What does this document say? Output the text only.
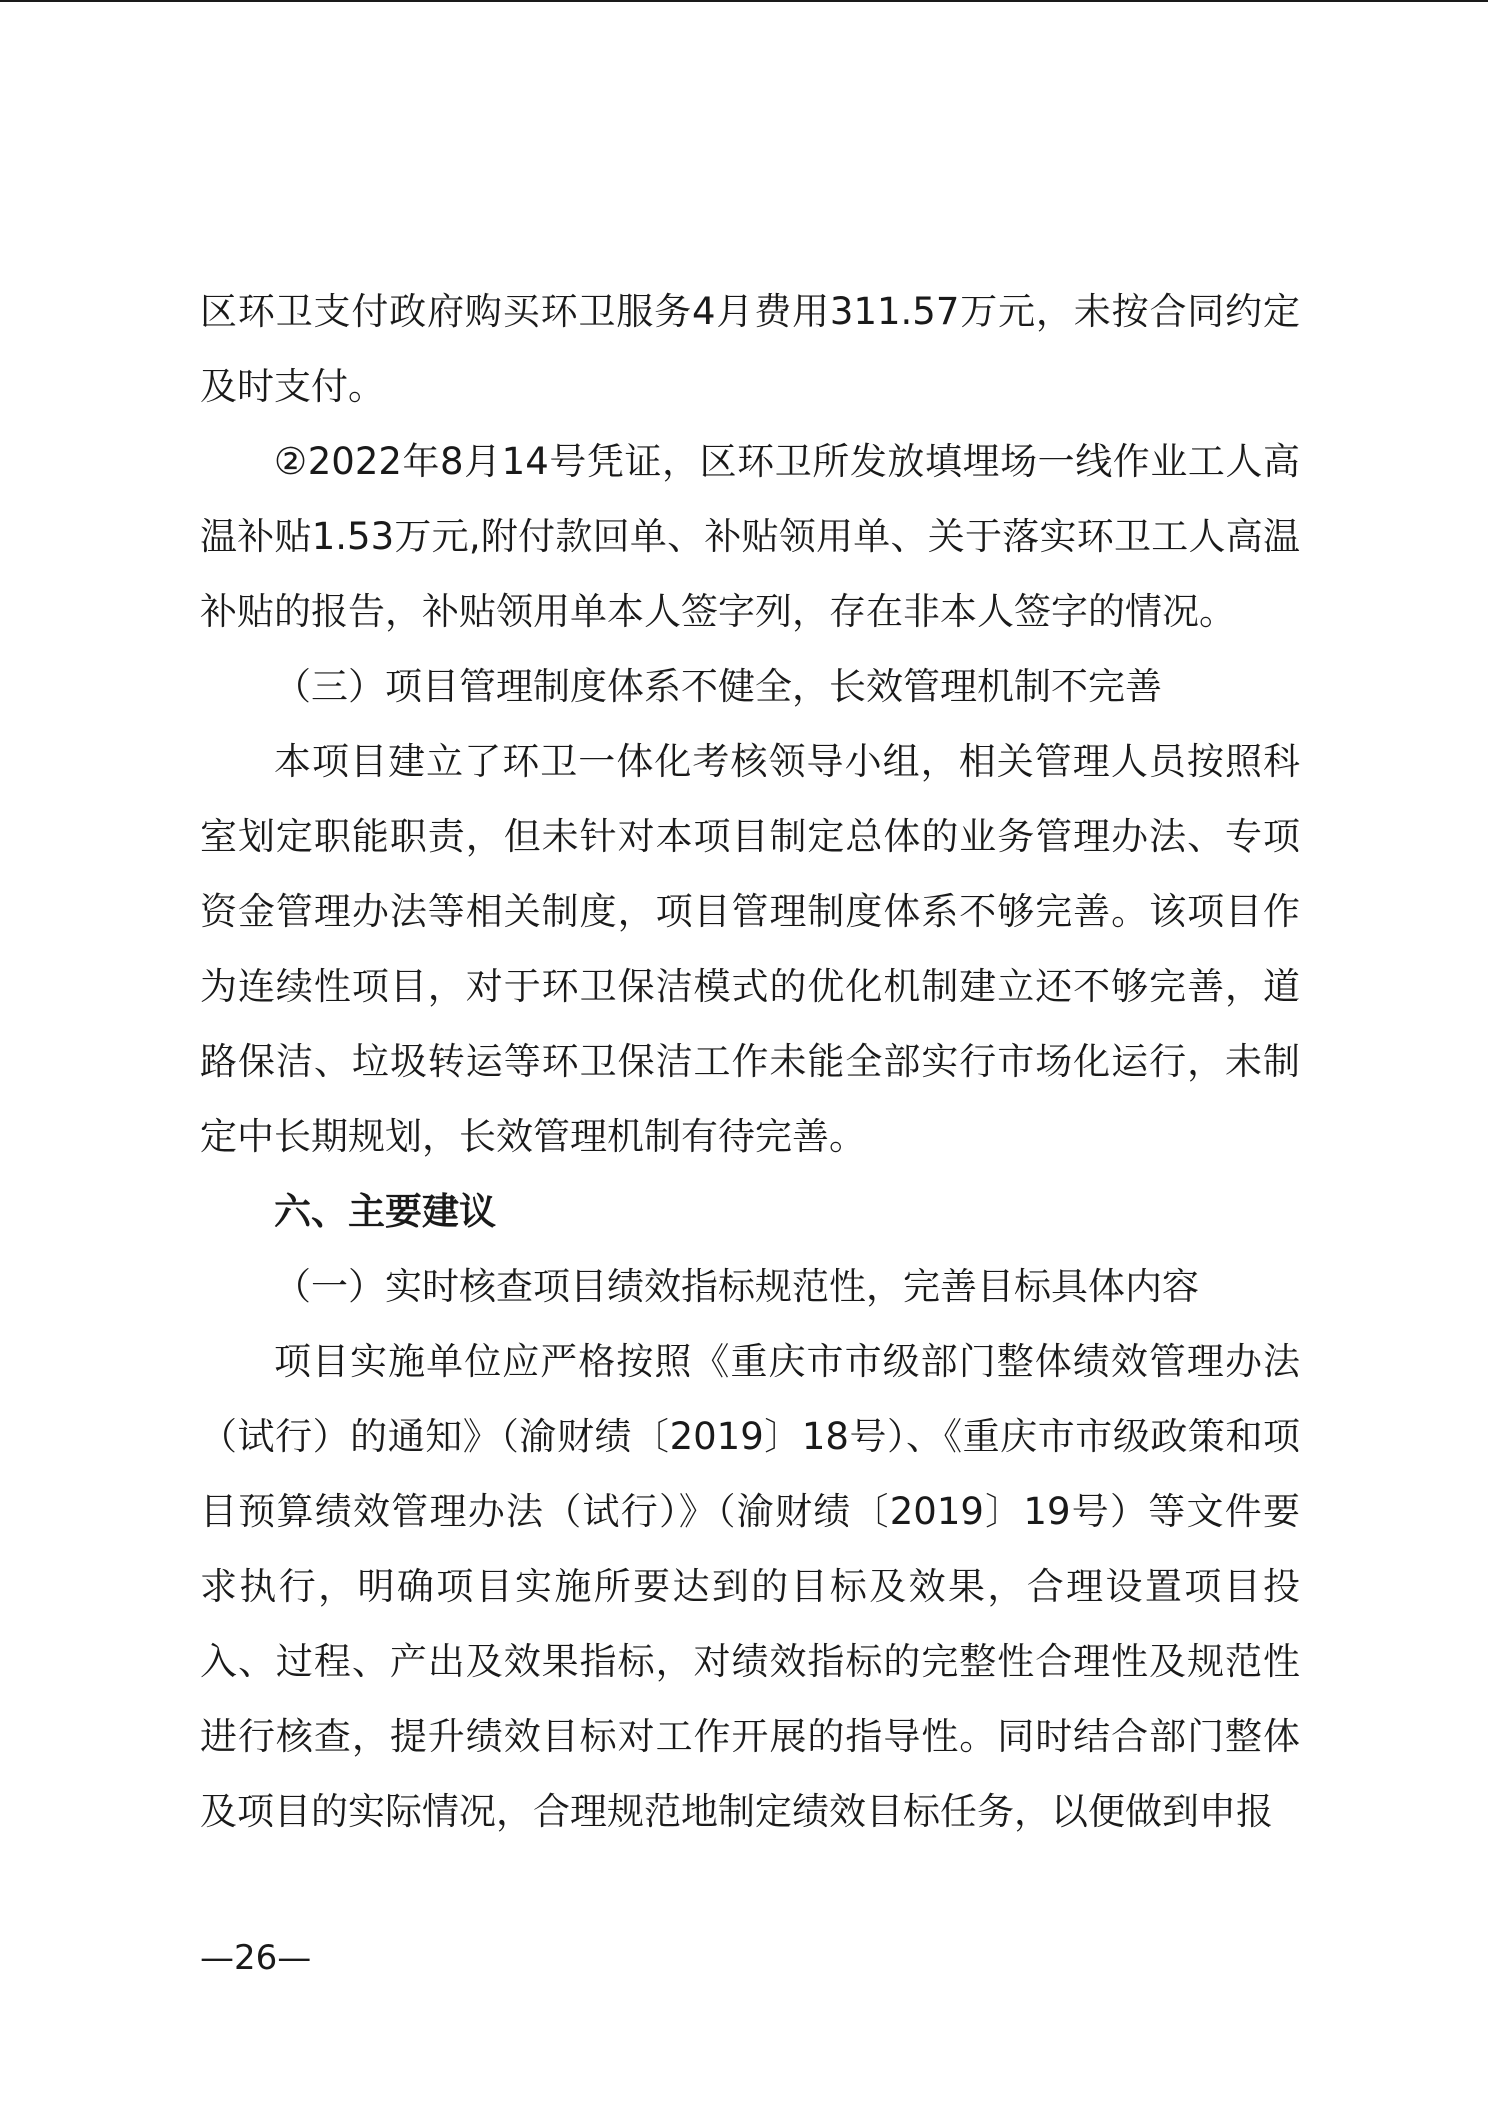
区环卫支付政府购买环卫服务4月费用311.57万元，未按合同约定及时支付。

②2022年8月14号凭证，区环卫所发放填埋场一线作业工人高温补贴1.53万元,附付款回单、补贴领用单、关于落实环卫工人高温补贴的报告，补贴领用单本人签字列，存在非本人签字的情况。

（三）项目管理制度体系不健全，长效管理机制不完善

本项目建立了环卫一体化考核领导小组，相关管理人员按照科室划定职能职责，但未针对本项目制定总体的业务管理办法、专项资金管理办法等相关制度，项目管理制度体系不够完善。该项目作为连续性项目，对于环卫保洁模式的优化机制建立还不够完善，道路保洁、垃圾转运等环卫保洁工作未能全部实行市场化运行，未制定中长期规划，长效管理机制有待完善。

六、主要建议

（一）实时核查项目绩效指标规范性，完善目标具体内容

项目实施单位应严格按照《重庆市市级部门整体绩效管理办法（试行）的通知》（渝财绩〔2019〕18号）、《重庆市市级政策和项目预算绩效管理办法（试行）》（渝财绩〔2019〕19号）等文件要求执行，明确项目实施所要达到的目标及效果，合理设置项目投入、过程、产出及效果指标，对绩效指标的完整性合理性及规范性进行核查，提升绩效目标对工作开展的指导性。同时结合部门整体及项目的实际情况，合理规范地制定绩效目标任务，以便做到申报

—26—
